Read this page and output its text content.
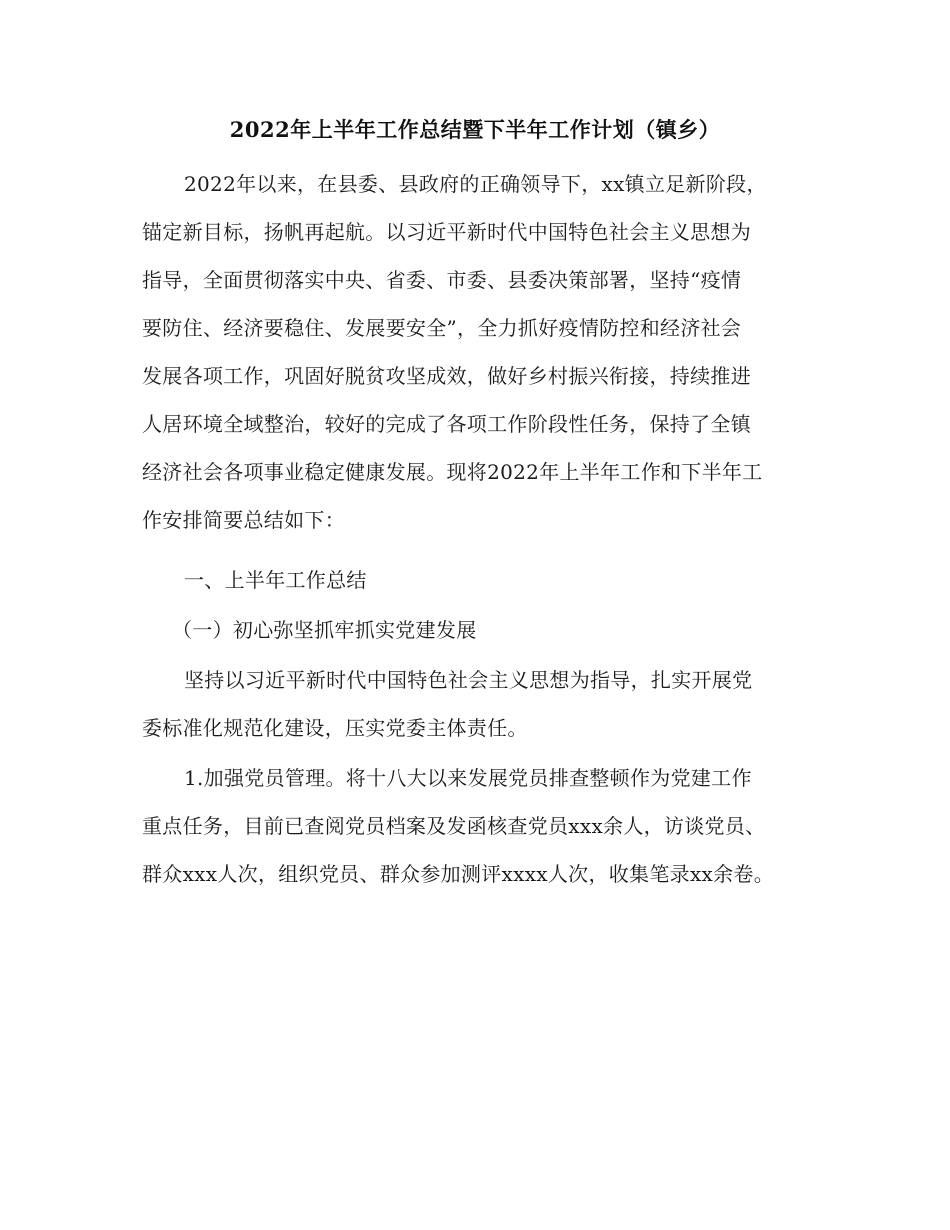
2022年上半年工作总结暨下半年工作计划（镇乡）
2022年以来，在县委、县政府的正确领导下，xx镇立足新阶段，
锚定新目标，扬帆再起航。以习近平新时代中国特色社会主义思想为
指导，全面贯彻落实中央、省委、市委、县委决策部署，坚持“疫情
要防住、经济要稳住、发展要安全”，全力抓好疫情防控和经济社会
发展各项工作，巩固好脱贫攻坚成效，做好乡村振兴衔接，持续推进
人居环境全域整治，较好的完成了各项工作阶段性任务，保持了全镇
经济社会各项事业稳定健康发展。现将2022年上半年工作和下半年工
作安排简要总结如下：
一、上半年工作总结
（一）初心弥坚抓牢抓实党建发展
坚持以习近平新时代中国特色社会主义思想为指导，扎实开展党
委标准化规范化建设，压实党委主体责任。
1.加强党员管理。将十八大以来发展党员排查整顿作为党建工作
重点任务，目前已查阅党员档案及发函核查党员xxx余人，访谈党员、
群众xxx人次，组织党员、群众参加测评xxxx人次，收集笔录xx余卷。
